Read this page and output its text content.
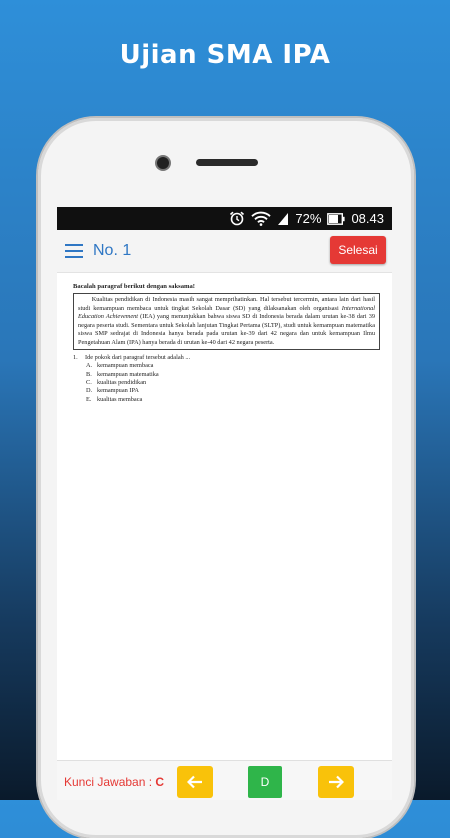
Ujian SMA IPA
72% 08.43
No. 1	Selesai

Bacalah paragraf berikut dengan saksama!

Kualitas pendidikan di Indonesia masih sangat memprihatinkan. Hal tersebut tercermin, antara lain dari hasil studi kemampuan membaca untuk tingkat Sekolah Dasar (SD) yang dilaksanakan oleh organisasi International Education Achievement (IEA) yang menunjukkan bahwa siswa SD di Indonesia berada dalam urutan ke-38 dari 39 negara peserta studi. Sementara untuk Sekolah lanjutan Tingkat Pertama (SLTP), studi untuk kemampuan matematika siswa SMP sedrajat di Indonesia hanya berada pada urutan ke-39 dari 42 negara dan untuk kemampuan Ilmu Pengetahuan Alam (IPA) hanya berada di urutan ke-40 dari 42 negara peserta.
1. Ide pokok dari paragraf tersebut adalah ...
A. kemampuan membaca
B. kemampuan matematika
C. kualitas pendidikan
D. kemampuan IPA
E. kualitas membaca
Kunci Jawaban : C	D
